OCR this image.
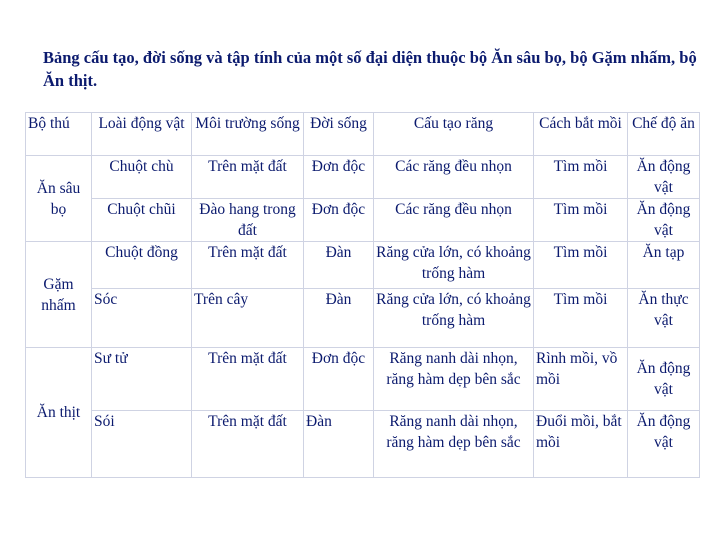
Bảng cấu tạo, đời sống và tập tính của một số đại diện thuộc bộ Ăn sâu bọ, bộ Gặm nhấm, bộ Ăn thịt.
Bộ thú	Loài động vật	Môi trường sống	Đời sống	Cấu tạo răng	Cách bắt mồi	Chế độ ăn
Ăn sâu bọ	Chuột chù	Trên mặt đất	Đơn độc	Các răng đều nhọn	Tìm mồi	Ăn động vật
	Chuột chũi	Đào hang trong đất	Đơn độc	Các răng đều nhọn	Tìm mồi	Ăn động vật
Gặm nhấm	Chuột đồng	Trên mặt đất	Đàn	Răng cửa lớn, có khoảng trống hàm	Tìm mồi	Ăn tạp
	Sóc	Trên cây	Đàn	Răng cửa lớn, có khoảng trống hàm	Tìm mồi	Ăn thực vật
Ăn thịt	Sư tử	Trên mặt đất	Đơn độc	Răng nanh dài nhọn, răng hàm dẹp bên sắc	Rình mồi, vồ mồi	Ăn động vật
	Sói	Trên mặt đất	Đàn	Răng nanh dài nhọn, răng hàm dẹp bên sắc	Đuổi mồi, bắt mồi	Ăn động vật
